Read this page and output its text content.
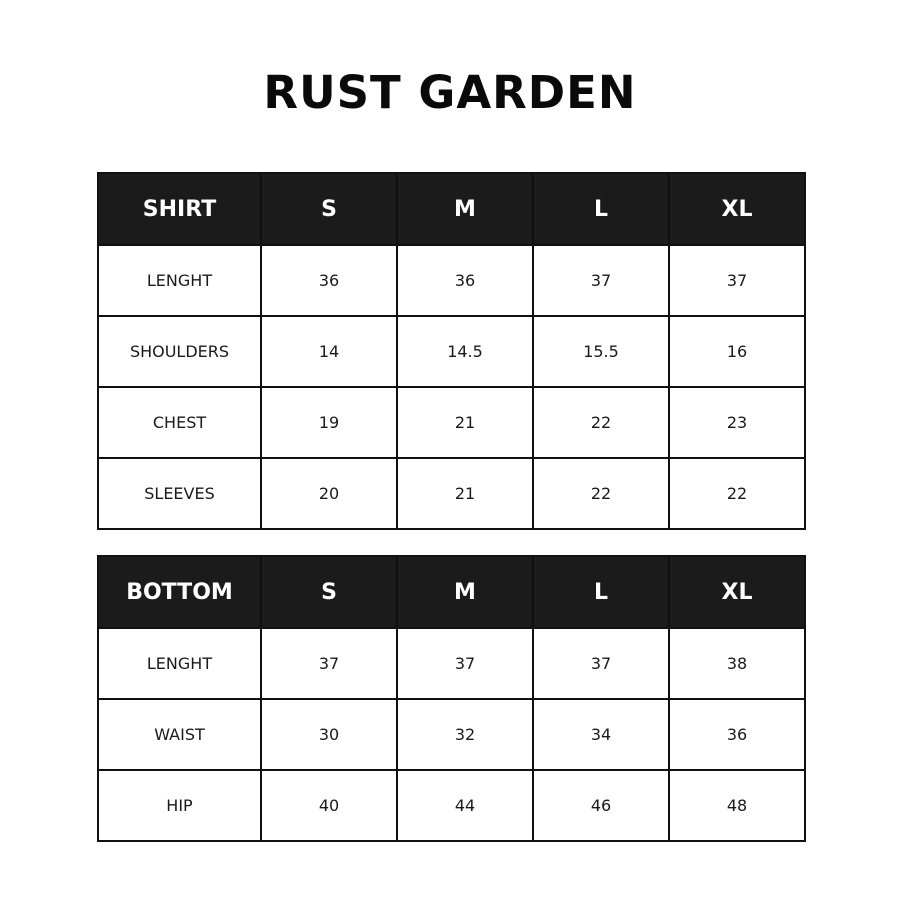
RUST GARDEN
SHIRT	S	M	L	XL
LENGHT	36	36	37	37
SHOULDERS	14	14.5	15.5	16
CHEST	19	21	22	23
SLEEVES	20	21	22	22
BOTTOM	S	M	L	XL
LENGHT	37	37	37	38
WAIST	30	32	34	36
HIP	40	44	46	48
